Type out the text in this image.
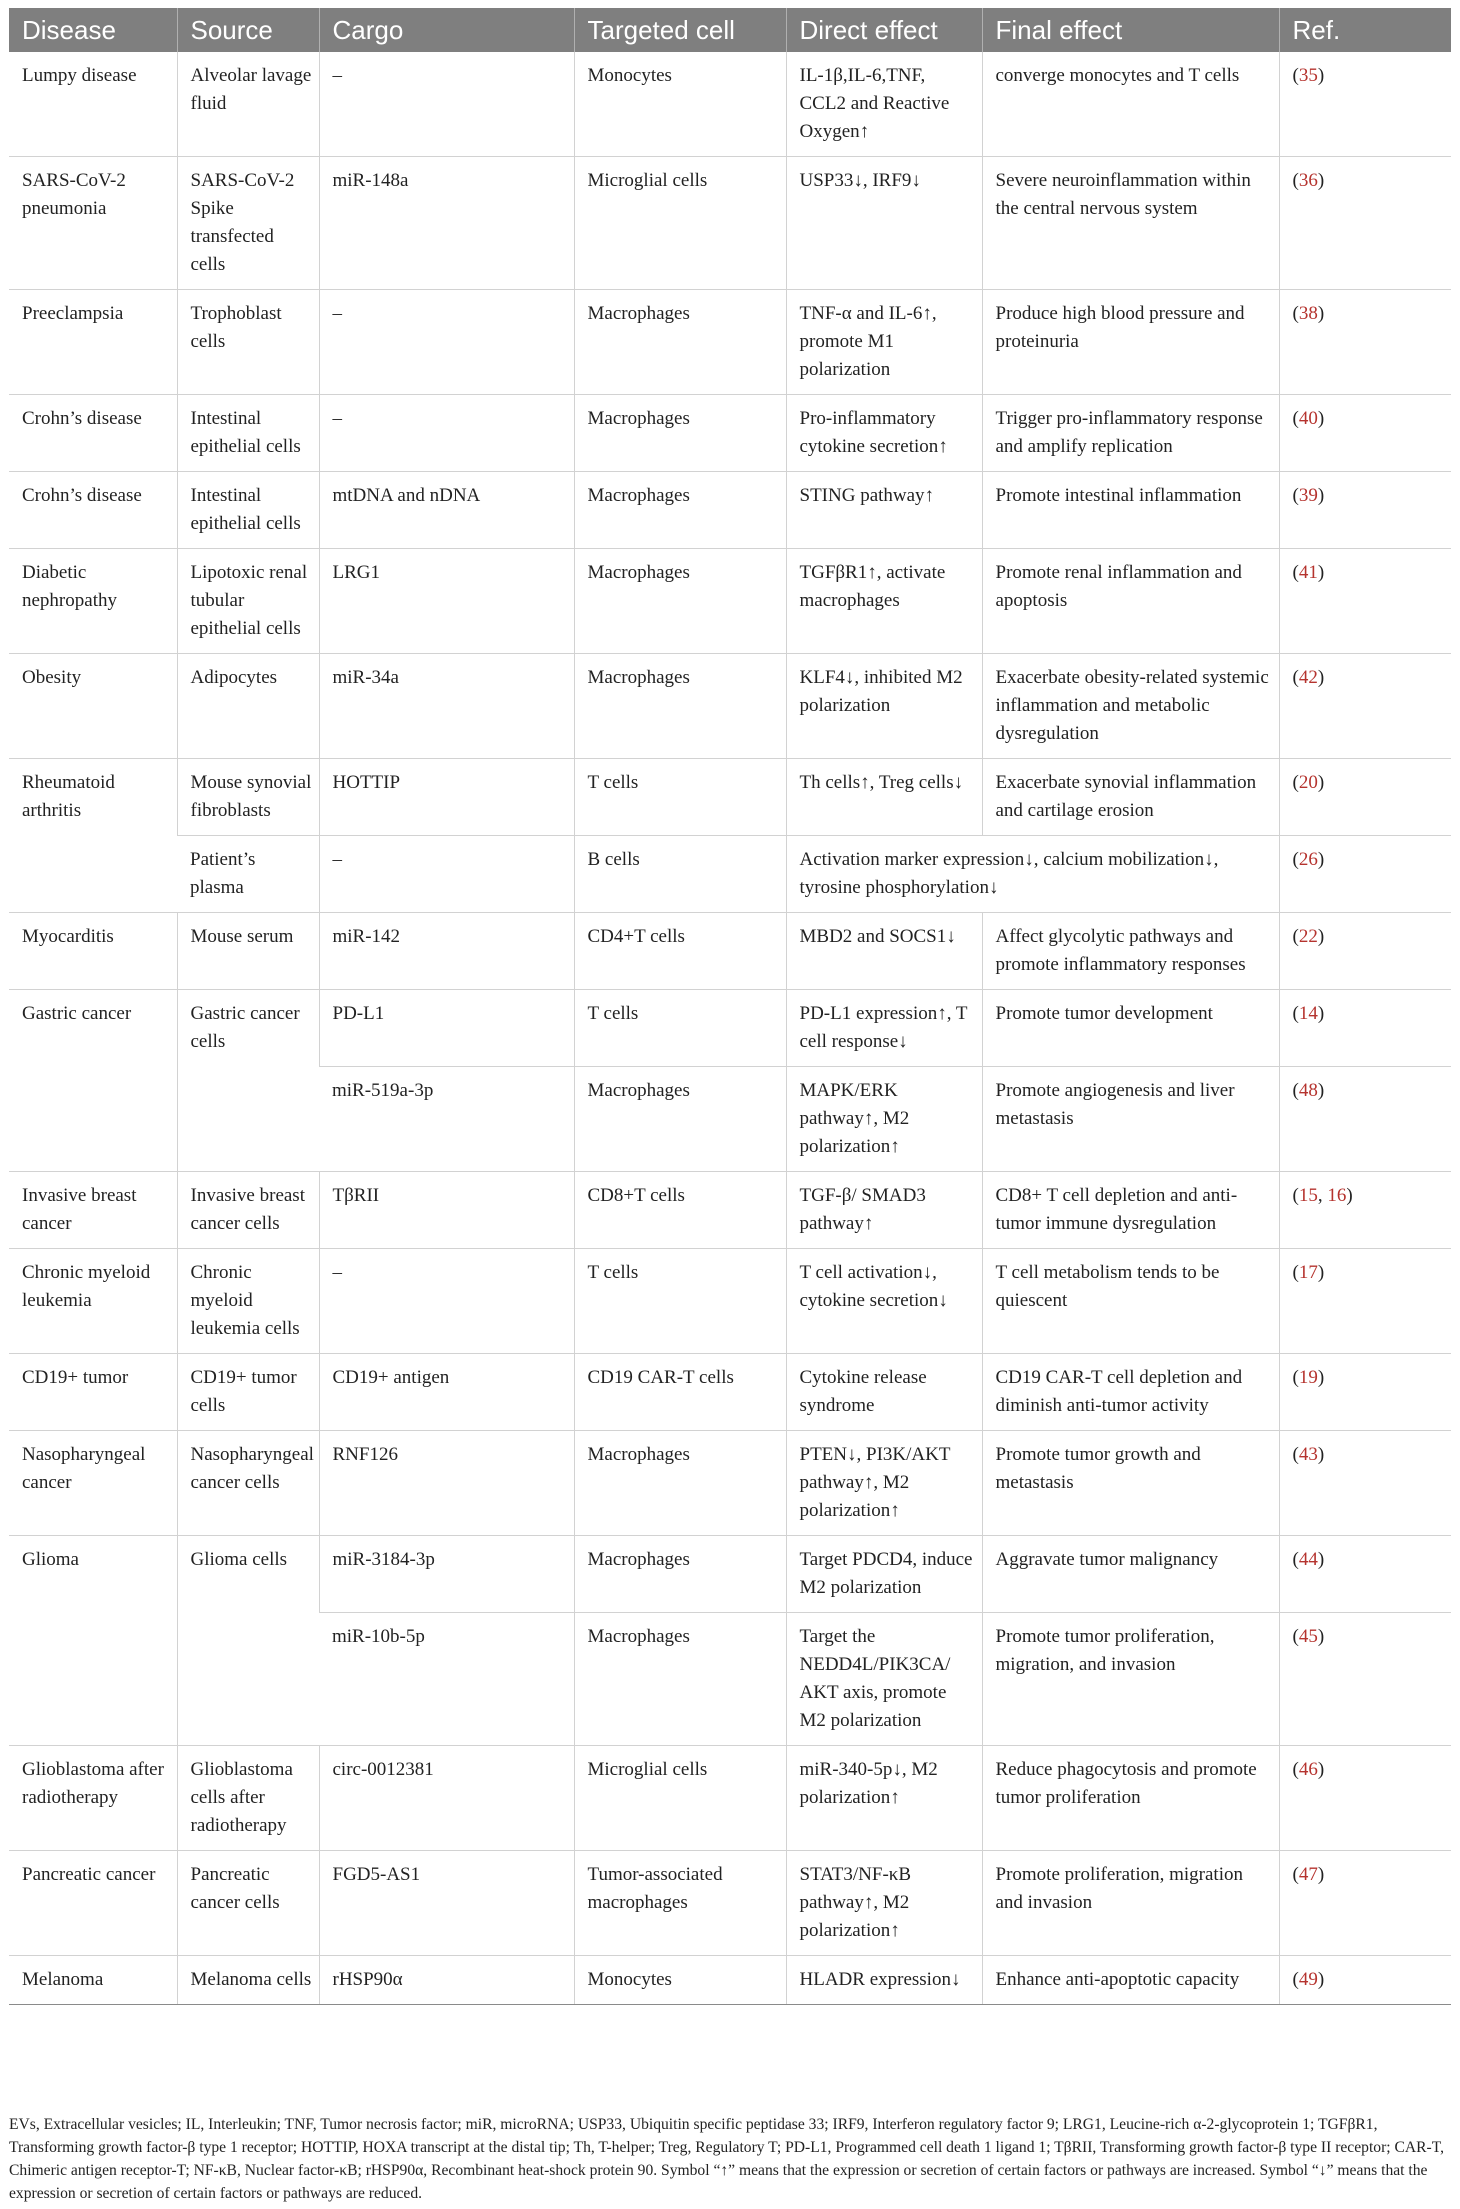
Disease	Source	Cargo	Targeted cell	Direct effect	Final effect	Ref.
Lumpy disease	Alveolar lavage fluid	–	Monocytes	IL-1β,IL-6,TNF, CCL2 and Reactive Oxygen↑	converge monocytes and T cells	(35)
SARS-CoV-2 pneumonia	SARS-CoV-2 Spike transfected cells	miR-148a	Microglial cells	USP33↓, IRF9↓	Severe neuroinflammation within the central nervous system	(36)
Preeclampsia	Trophoblast cells	–	Macrophages	TNF-α and IL-6↑, promote M1 polarization	Produce high blood pressure and proteinuria	(38)
Crohn’s disease	Intestinal epithelial cells	–	Macrophages	Pro-inflammatory cytokine secretion↑	Trigger pro-inflammatory response and amplify replication	(40)
Crohn’s disease	Intestinal epithelial cells	mtDNA and nDNA	Macrophages	STING pathway↑	Promote intestinal inflammation	(39)
Diabetic nephropathy	Lipotoxic renal tubular epithelial cells	LRG1	Macrophages	TGFβR1↑, activate macrophages	Promote renal inflammation and apoptosis	(41)
Obesity	Adipocytes	miR-34a	Macrophages	KLF4↓, inhibited M2 polarization	Exacerbate obesity-related systemic inflammation and metabolic dysregulation	(42)
Rheumatoid arthritis	Mouse synovial fibroblasts	HOTTIP	T cells	Th cells↑, Treg cells↓	Exacerbate synovial inflammation and cartilage erosion	(20)
	Patient’s plasma	–	B cells	Activation marker expression↓, calcium mobilization↓, tyrosine phosphorylation↓		(26)
Myocarditis	Mouse serum	miR-142	CD4+T cells	MBD2 and SOCS1↓	Affect glycolytic pathways and promote inflammatory responses	(22)
Gastric cancer	Gastric cancer cells	PD-L1	T cells	PD-L1 expression↑, T cell response↓	Promote tumor development	(14)
		miR-519a-3p	Macrophages	MAPK/ERK pathway↑, M2 polarization↑	Promote angiogenesis and liver metastasis	(48)
Invasive breast cancer	Invasive breast cancer cells	TβRII	CD8+T cells	TGF-β/ SMAD3 pathway↑	CD8+ T cell depletion and anti-tumor immune dysregulation	(15, 16)
Chronic myeloid leukemia	Chronic myeloid leukemia cells	–	T cells	T cell activation↓, cytokine secretion↓	T cell metabolism tends to be quiescent	(17)
CD19+ tumor	CD19+ tumor cells	CD19+ antigen	CD19 CAR-T cells	Cytokine release syndrome	CD19 CAR-T cell depletion and diminish anti-tumor activity	(19)
Nasopharyngeal cancer	Nasopharyngeal cancer cells	RNF126	Macrophages	PTEN↓, PI3K/AKT pathway↑, M2 polarization↑	Promote tumor growth and metastasis	(43)
Glioma	Glioma cells	miR-3184-3p	Macrophages	Target PDCD4, induce M2 polarization	Aggravate tumor malignancy	(44)
		miR-10b-5p	Macrophages	Target the NEDD4L/PIK3CA/ AKT axis, promote M2 polarization	Promote tumor proliferation, migration, and invasion	(45)
Glioblastoma after radiotherapy	Glioblastoma cells after radiotherapy	circ-0012381	Microglial cells	miR-340-5p↓, M2 polarization↑	Reduce phagocytosis and promote tumor proliferation	(46)
Pancreatic cancer	Pancreatic cancer cells	FGD5-AS1	Tumor-associated macrophages	STAT3/NF-κB pathway↑, M2 polarization↑	Promote proliferation, migration and invasion	(47)
Melanoma	Melanoma cells	rHSP90α	Monocytes	HLADR expression↓	Enhance anti-apoptotic capacity	(49)

EVs, Extracellular vesicles; IL, Interleukin; TNF, Tumor necrosis factor; miR, microRNA; USP33, Ubiquitin specific peptidase 33; IRF9, Interferon regulatory factor 9; LRG1, Leucine-rich α-2-glycoprotein 1; TGFβR1, Transforming growth factor-β type 1 receptor; HOTTIP, HOXA transcript at the distal tip; Th, T-helper; Treg, Regulatory T; PD-L1, Programmed cell death 1 ligand 1; TβRII, Transforming growth factor-β type II receptor; CAR-T, Chimeric antigen receptor-T; NF-κB, Nuclear factor-κB; rHSP90α, Recombinant heat-shock protein 90. Symbol “↑” means that the expression or secretion of certain factors or pathways are increased. Symbol “↓” means that the expression or secretion of certain factors or pathways are reduced.
